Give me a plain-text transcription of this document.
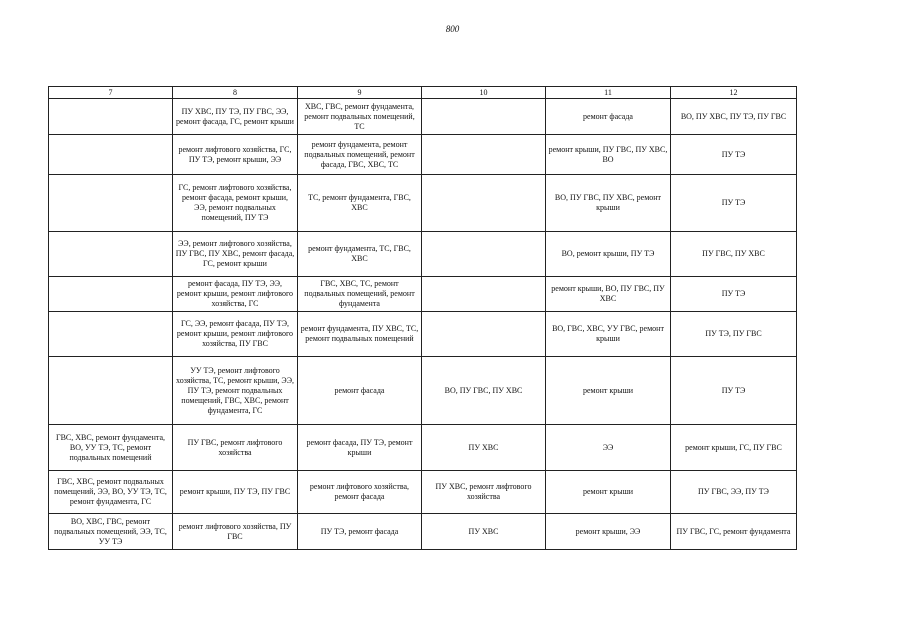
800
7	8	9	10	11	12
	ПУ ХВС, ПУ ТЭ, ПУ ГВС, ЭЭ, ремонт фасада, ГС, ремонт крыши	ХВС, ГВС, ремонт фундамента, ремонт подвальных помещений, ТС		ремонт фасада	ВО, ПУ ХВС, ПУ ТЭ, ПУ ГВС
	ремонт лифтового хозяйства, ГС, ПУ ТЭ, ремонт крыши, ЭЭ	ремонт фундамента, ремонт подвальных помещений, ремонт фасада, ГВС, ХВС, ТС		ремонт крыши, ПУ ГВС, ПУ ХВС, ВО	ПУ ТЭ
	ГС, ремонт лифтового хозяйства, ремонт фасада, ремонт крыши, ЭЭ, ремонт подвальных помещений, ПУ ТЭ	ТС, ремонт фундамента, ГВС, ХВС		ВО, ПУ ГВС, ПУ ХВС, ремонт крыши	ПУ ТЭ
	ЭЭ, ремонт лифтового хозяйства, ПУ ГВС, ПУ ХВС, ремонт фасада, ГС, ремонт крыши	ремонт фундамента, ТС, ГВС, ХВС		ВО, ремонт крыши, ПУ ТЭ	ПУ ГВС, ПУ ХВС
	ремонт фасада, ПУ ТЭ, ЭЭ, ремонт крыши, ремонт лифтового хозяйства, ГС	ГВС, ХВС, ТС, ремонт подвальных помещений, ремонт фундамента		ремонт крыши, ВО, ПУ ГВС, ПУ ХВС	ПУ ТЭ
	ГС, ЭЭ, ремонт фасада, ПУ ТЭ, ремонт крыши, ремонт лифтового хозяйства, ПУ ГВС	ремонт фундамента, ПУ ХВС, ТС, ремонт подвальных помещений		ВО, ГВС, ХВС, УУ ГВС, ремонт крыши	ПУ ТЭ, ПУ ГВС
	УУ ТЭ, ремонт лифтового хозяйства, ТС, ремонт крыши, ЭЭ, ПУ ТЭ, ремонт подвальных помещений, ГВС, ХВС, ремонт фундамента, ГС	ремонт фасада	ВО, ПУ ГВС, ПУ ХВС	ремонт крыши	ПУ ТЭ
ГВС, ХВС, ремонт фундамента, ВО, УУ ТЭ, ТС, ремонт подвальных помещений	ПУ ГВС, ремонт лифтового хозяйства	ремонт фасада, ПУ ТЭ, ремонт крыши	ПУ ХВС	ЭЭ	ремонт крыши, ГС, ПУ ГВС
ГВС, ХВС, ремонт подвальных помещений, ЭЭ, ВО, УУ ТЭ, ТС, ремонт фундамента, ГС	ремонт крыши, ПУ ТЭ, ПУ ГВС	ремонт лифтового хозяйства, ремонт фасада	ПУ ХВС, ремонт лифтового хозяйства	ремонт крыши	ПУ ГВС, ЭЭ, ПУ ТЭ
ВО, ХВС, ГВС, ремонт подвальных помещений, ЭЭ, ТС, УУ ТЭ	ремонт лифтового хозяйства, ПУ ГВС	ПУ ТЭ, ремонт фасада	ПУ ХВС	ремонт крыши, ЭЭ	ПУ ГВС, ГС, ремонт фундамента
